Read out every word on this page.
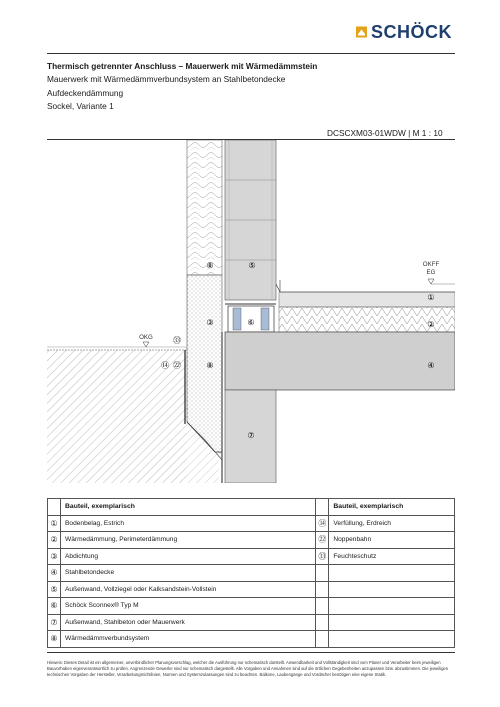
SCHÖCK
Thermisch getrennter Anschluss – Mauerwerk mit Wärmedämmstein
Mauerwerk mit Wärmedämmverbundsystem an Stahlbetondecke
Aufdeckendämmung
Sockel, Variante 1
DCSCXM03-01WDW | M 1 : 10
OKFF
EG
OKG
⑧	⑤
③	⑥
①
②
㉝
⑭ ㉒	⑧	④
⑦
	Bauteil, exemplarisch		Bauteil, exemplarisch
①	Bodenbelag, Estrich	⑭	Verfüllung, Erdreich
②	Wärmedämmung, Perimeterdämmung	㉒	Noppenbahn
③	Abdichtung	㉝	Feuchteschutz
④	Stahlbetondecke		
⑤	Außenwand, Vollziegel oder Kalksandstein-Vollstein		
⑥	Schöck Sconnex® Typ M		
⑦	Außenwand, Stahlbeton oder Mauerwerk		
⑧	Wärmedämmverbundsystem		
Hinweis: Dieses Detail ist ein allgemeiner, unverbindlicher Planungsvorschlag, welcher die Ausführung nur schematisch darstellt. Anwendbarkeit und Vollständigkeit sind vom Planer und Verarbeiter beim jeweiligen Bauvorhaben eigenverantwortlich zu prüfen. Angrenzende Gewerke sind nur schematisch dargestellt. Alle Vorgaben und Annahmen sind auf die örtlichen Gegebenheiten anzupassen bzw. abzustimmen. Die jeweiligen technischen Vorgaben der Hersteller, Verarbeitungsrichtlinien, Normen und Systemzulassungen sind zu beachten. Balkone, Laubengänge und Vordächer benötigen eine eigene Statik.
